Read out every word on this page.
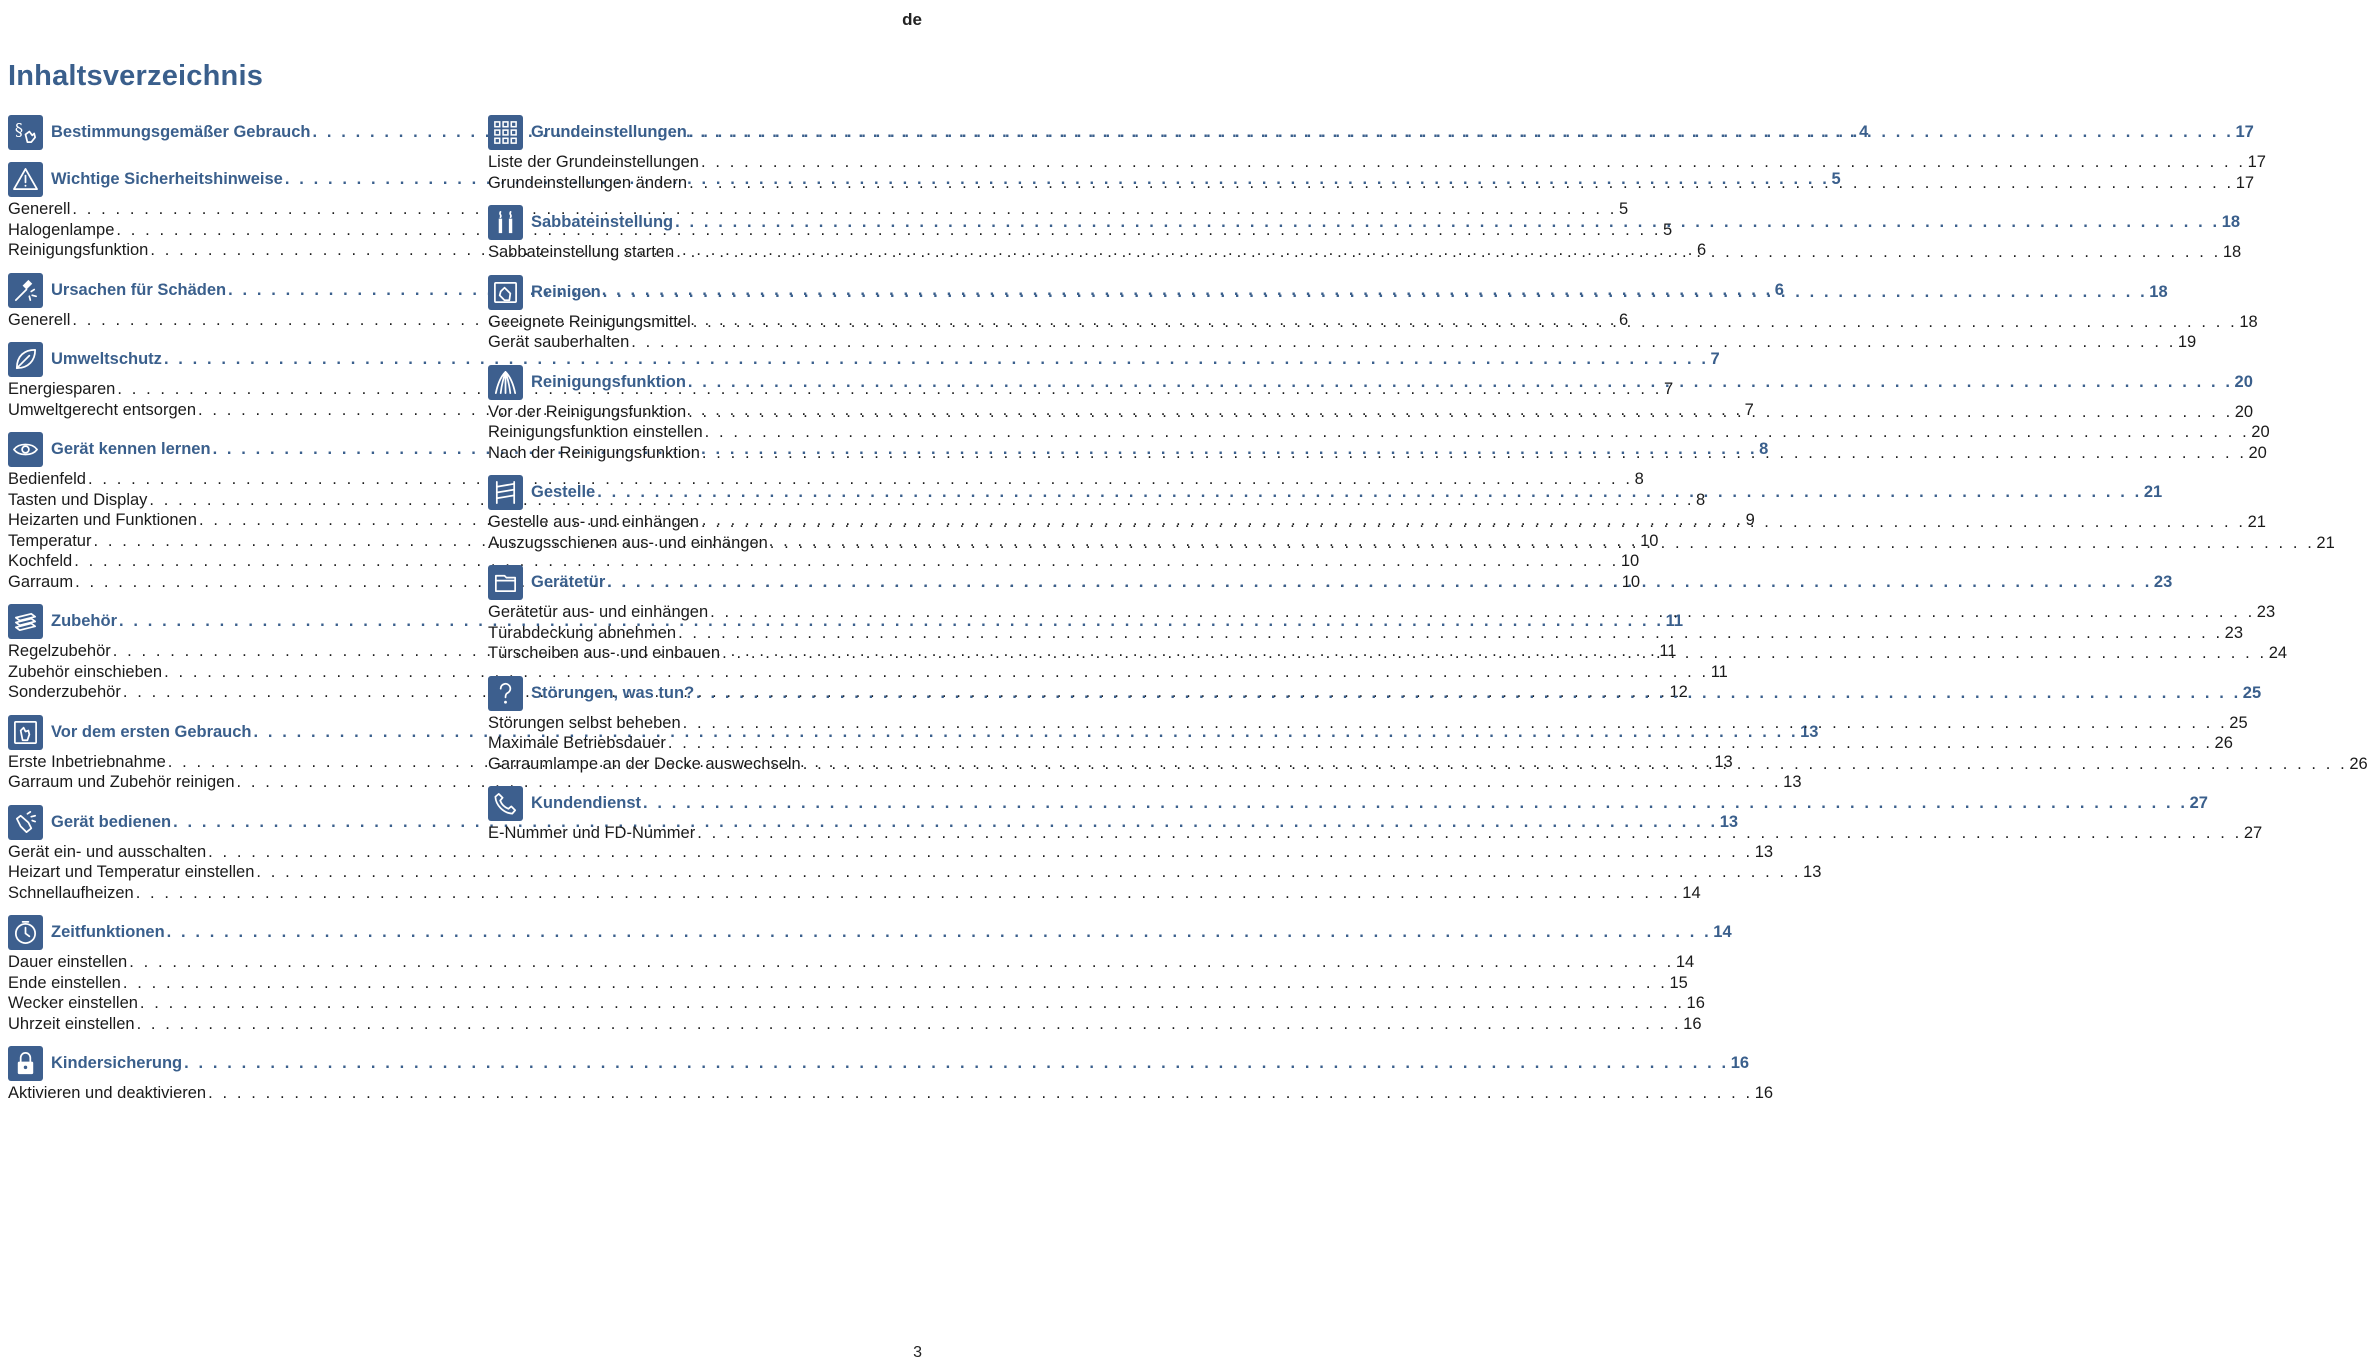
de
Inhaltsverzeichnis
§ Bestimmungsgemäßer Gebrauch . . .	4
Wichtige Sicherheitshinweise . . .	5
Generell . . .	5
Halogenlampe . . .	5
Reinigungsfunktion . . .	6
Ursachen für Schäden . . .	6
Generell . . .	6
Umweltschutz . . .	7
Energiesparen . . .	7
Umweltgerecht entsorgen . . .	7
Gerät kennen lernen . . .	8
Bedienfeld . . .	8
Tasten und Display . . .	8
Heizarten und Funktionen . . .	9
Temperatur . . .	10
Kochfeld . . .	10
Garraum . . .	10
Zubehör . . .	11
Regelzubehör . . .	11
Zubehör einschieben . . .	11
Sonderzubehör . . .	12
Vor dem ersten Gebrauch . . .	13
Erste Inbetriebnahme . . .	13
Garraum und Zubehör reinigen . . .	13
Gerät bedienen . . .	13
Gerät ein- und ausschalten . . .	13
Heizart und Temperatur einstellen . . .	13
Schnellaufheizen . . .	14
Zeitfunktionen . . .	14
Dauer einstellen . . .	14
Ende einstellen . . .	15
Wecker einstellen . . .	16
Uhrzeit einstellen . . .	16
Kindersicherung . . .	16
Aktivieren und deaktivieren . . .	16
Grundeinstellungen . . .	17
Liste der Grundeinstellungen . . .	17
Grundeinstellungen ändern . . .	17
Sabbateinstellung . . .	18
Sabbateinstellung starten . . .	18
Reinigen . . .	18
Geeignete Reinigungsmittel . . .	18
Gerät sauberhalten . . .	19
Reinigungsfunktion . . .	20
Vor der Reinigungsfunktion . . .	20
Reinigungsfunktion einstellen . . .	20
Nach der Reinigungsfunktion . . .	20
Gestelle . . .	21
Gestelle aus- und einhängen . . .	21
Auszugsschienen aus- und einhängen . . .	21
Gerätetür . . .	23
Gerätetür aus- und einhängen . . .	23
Türabdeckung abnehmen . . .	23
Türscheiben aus- und einbauen . . .	24
Störungen, was tun? . . .	25
Störungen selbst beheben . . .	25
Maximale Betriebsdauer . . .	26
Garraumlampe an der Decke auswechseln . . .	26
Kundendienst . . .	27
E-Nummer und FD-Nummer . . .	27
3
